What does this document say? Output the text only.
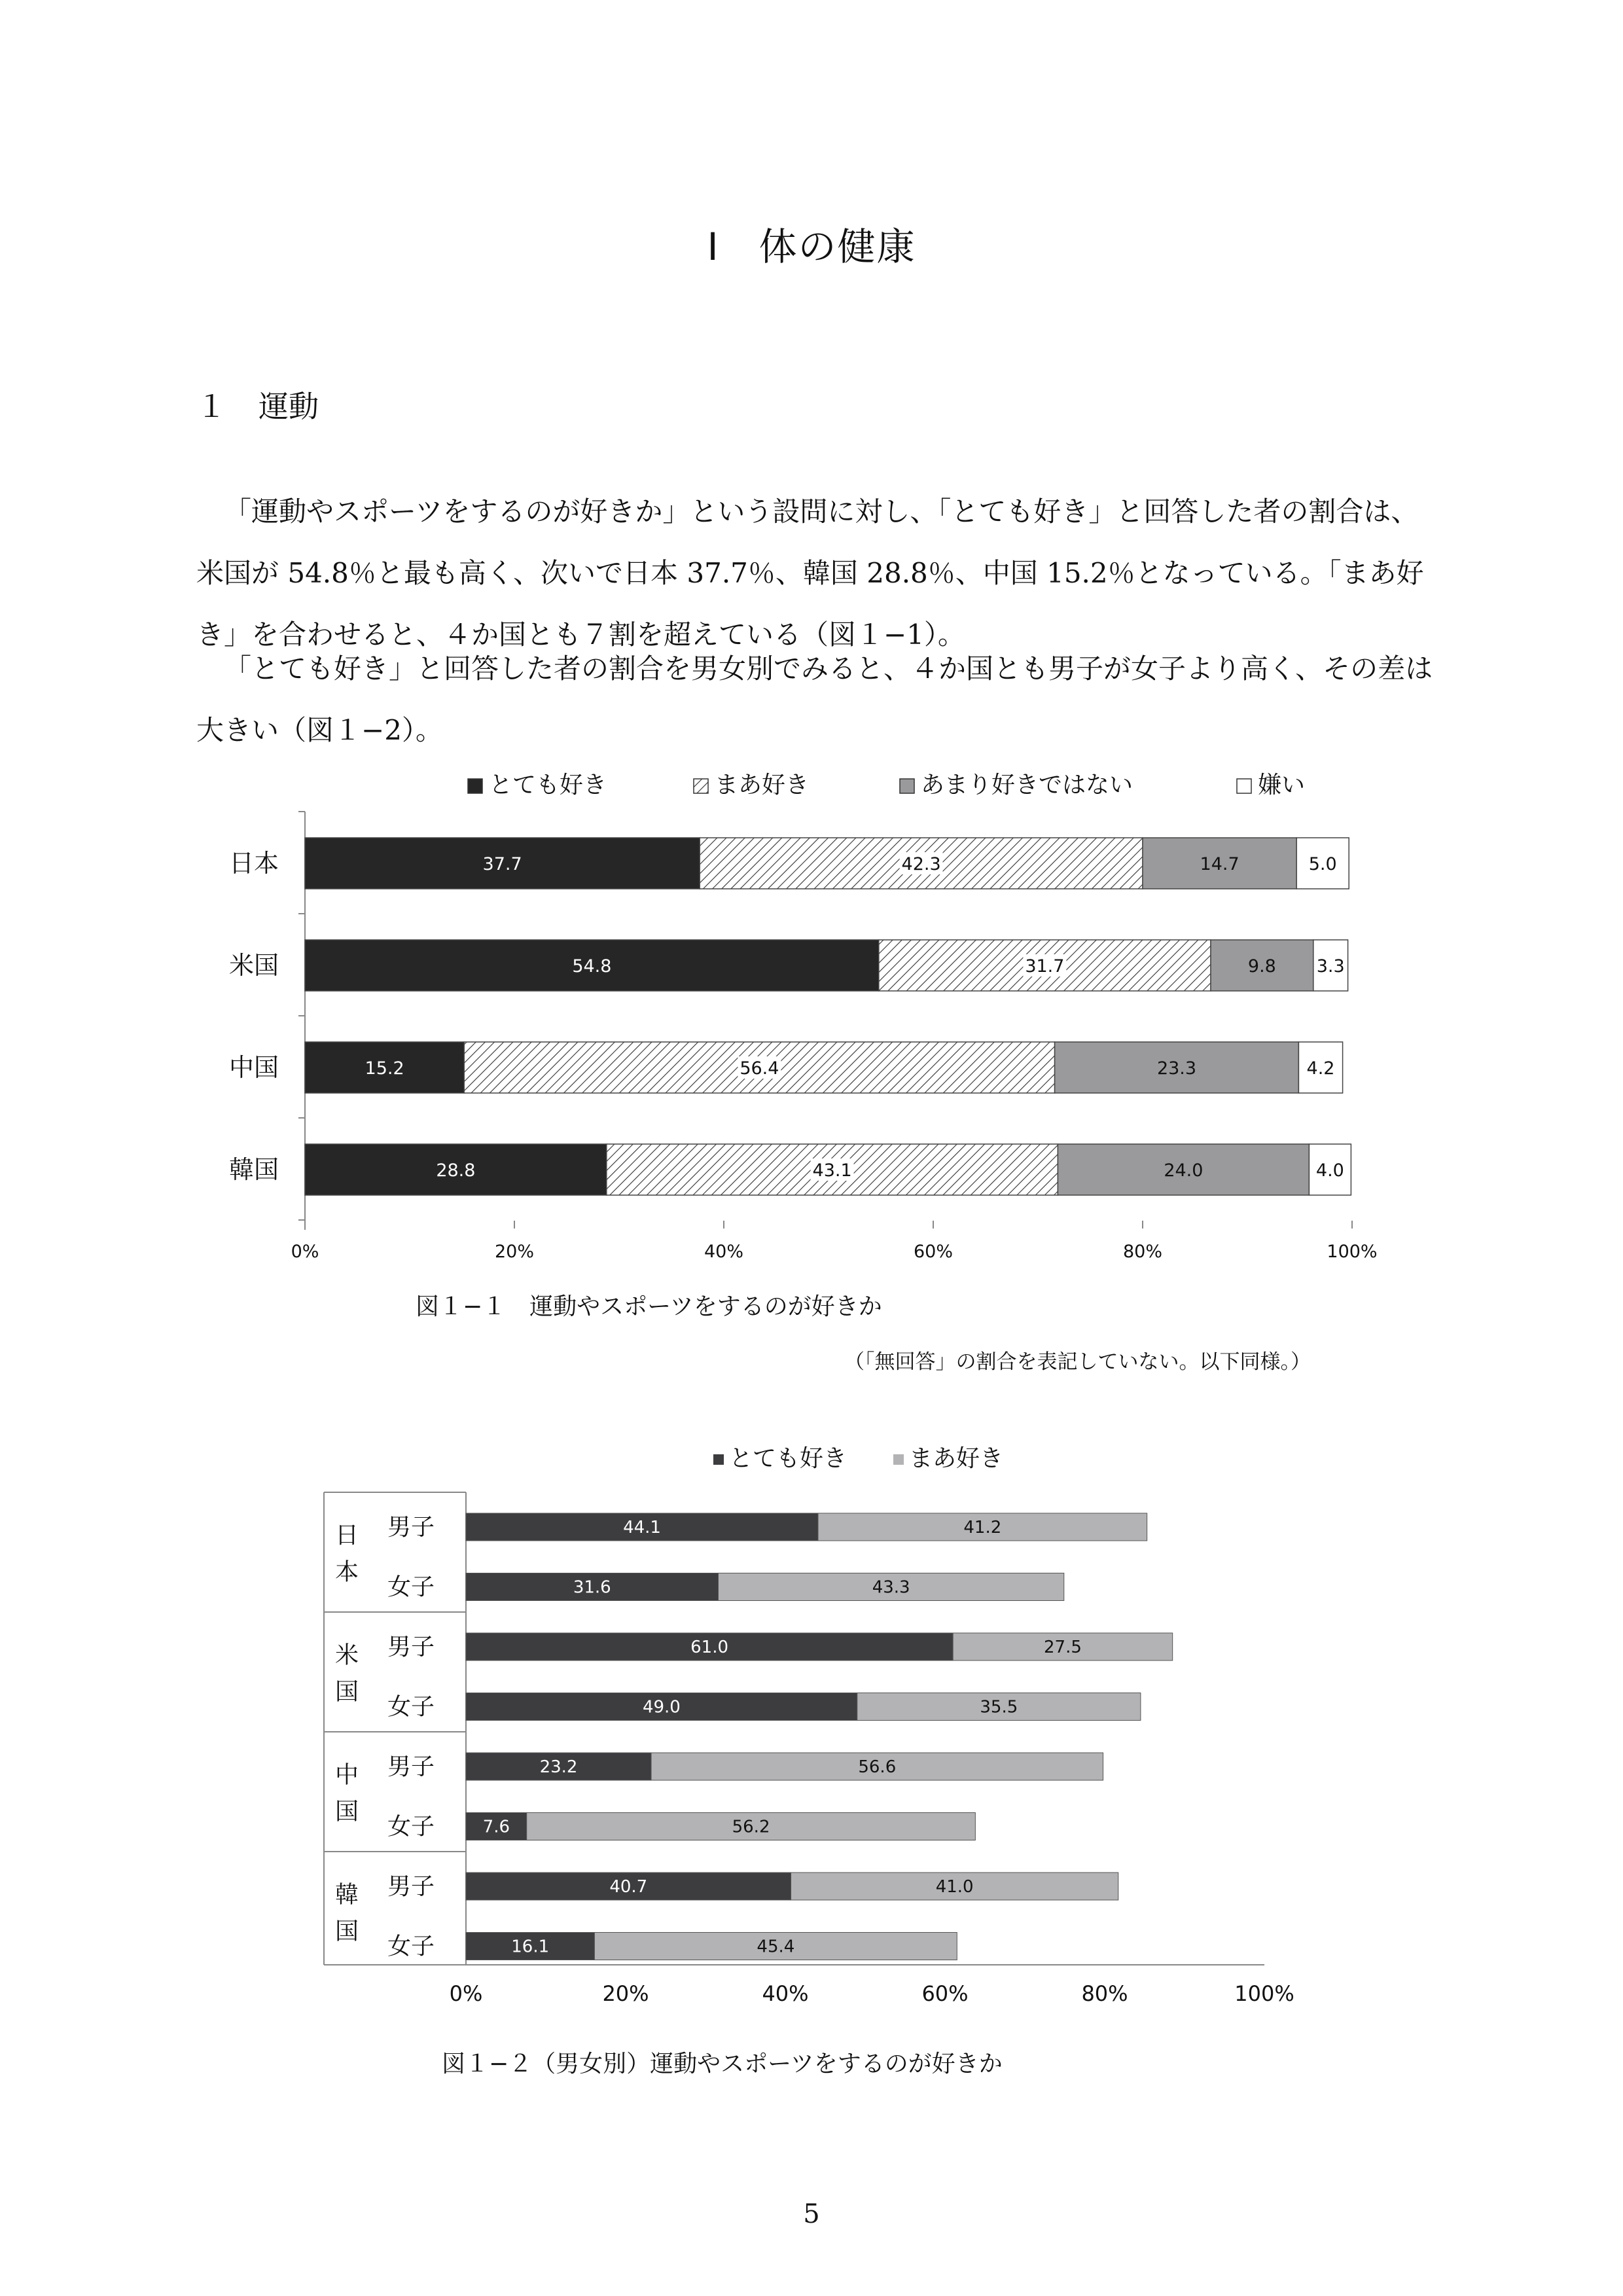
Ⅰ　体の健康
１ 運動
「運動やスポーツをするのが好きか」という設問に対し、「とても好き」と回答した者の割合は、米国が 54.8％と最も高く、次いで日本 37.7％、韓国 28.8％、中国 15.2％となっている。「まあ好き」を合わせると、４か国とも７割を超えている（図１−1）。
「とても好き」と回答した者の割合を男女別でみると、４か国とも男子が女子より高く、その差は大きい（図１−2）。
とても好き	まあ好き	あまり好きではない	嫌い
0%	20%	40%	60%	80%	100%
日本	37.7	42.3	14.7	5.0
米国	54.8	31.7	9.8 3.3
中国	15.2	56.4	23.3	4.2
韓国	28.8	43.1	24.0	4.0
図１−１　運動やスポーツをするのが好きか
（「無回答」の割合を表記していない。以下同様。）
とても好き	まあ好き
0%	20%	40%	60%	80%	100%
日
本
米
国
中
国
韓
国
男子	44.1	41.2
女子	31.6	43.3
男子	61.0	27.5
女子	49.0	35.5
男子	23.2	56.6
女子	7.6	56.2
男子	40.7	41.0
女子	16.1	45.4
図１−２（男女別）運動やスポーツをするのが好きか
5
